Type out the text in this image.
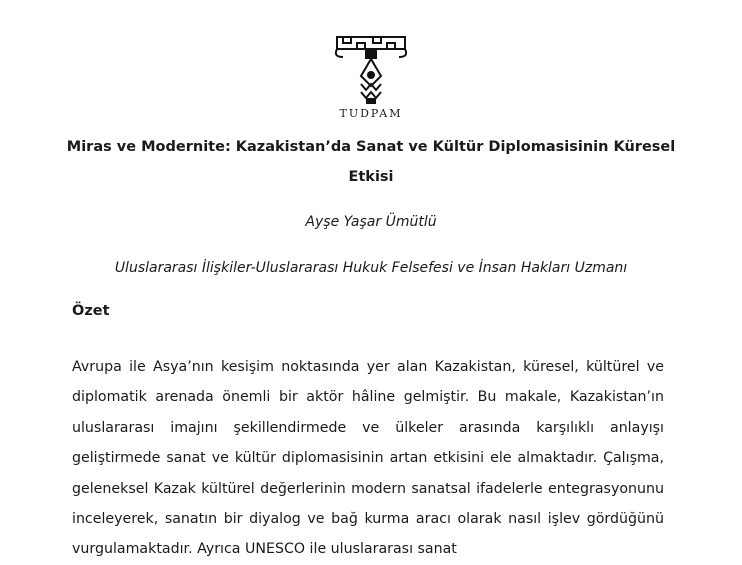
TUDPAM
Miras ve Modernite: Kazakistan’da Sanat ve Kültür Diplomasisinin Küresel Etkisi
Ayşe Yaşar Ümütlü
Uluslararası İlişkiler-Uluslararası Hukuk Felsefesi ve İnsan Hakları Uzmanı
Özet
Avrupa ile Asya’nın kesişim noktasında yer alan Kazakistan, küresel, kültürel ve diplomatik arenada önemli bir aktör hâline gelmiştir. Bu makale, Kazakistan’ın uluslararası imajını şekillendirmede ve ülkeler arasında karşılıklı anlayışı geliştirmede sanat ve kültür diplomasisinin artan etkisini ele almaktadır. Çalışma, geleneksel Kazak kültürel değerlerinin modern sanatsal ifadelerle entegrasyonunu inceleyerek, sanatın bir diyalog ve bağ kurma aracı olarak nasıl işlev gördüğünü vurgulamaktadır. Ayrıca UNESCO ile uluslararası sanat
